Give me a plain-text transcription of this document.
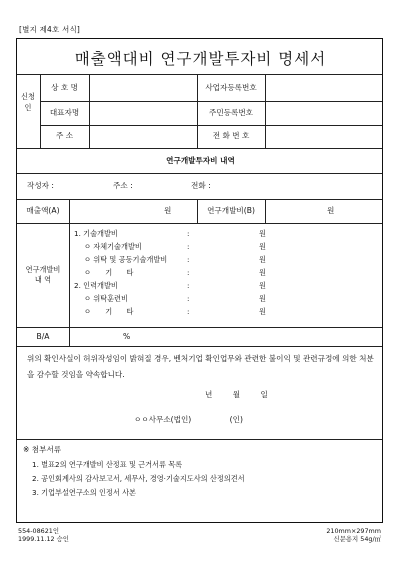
[별지 제4호 서식]
매출액대비 연구개발투자비 명세서
신청인
상 호 명	사업자등록번호
대표자명	주민등록번호
주 소	전 화 번 호
연구개발투자비 내역
작성자 :	주소 :	전화 :
매출액(A)	원	연구개발비(B)	원
연구개발비
내 역
1. 기술개발비	:	원
ㅇ 자체기술개발비	:	원
ㅇ 위탁 및 공동기술개발비	:	원
ㅇ 기 타	:	원
2. 인력개발비	:	원
ㅇ 위탁훈련비	:	원
ㅇ 기 타	:	원
B/A	%
위의 확인사실이 허위작성임이 밝혀질 경우, 벤처기업 확인업무와 관련한 불이익 및 관련규정에 의한 처분을 감수할 것임을 약속합니다.
년 월 일
ㅇㅇ사무소(법인) (인)
※ 첨부서류
1. 별표2의 연구개발비 산정표 및 근거서류 목록
2. 공인회계사의 감사보고서, 세무사, 경영·기술지도사의 산정의견서
3. 기업부설연구소의 인정서 사본
554-08621인
1999.11.12 승인
210mm×297mm
신문용지 54g/㎡
